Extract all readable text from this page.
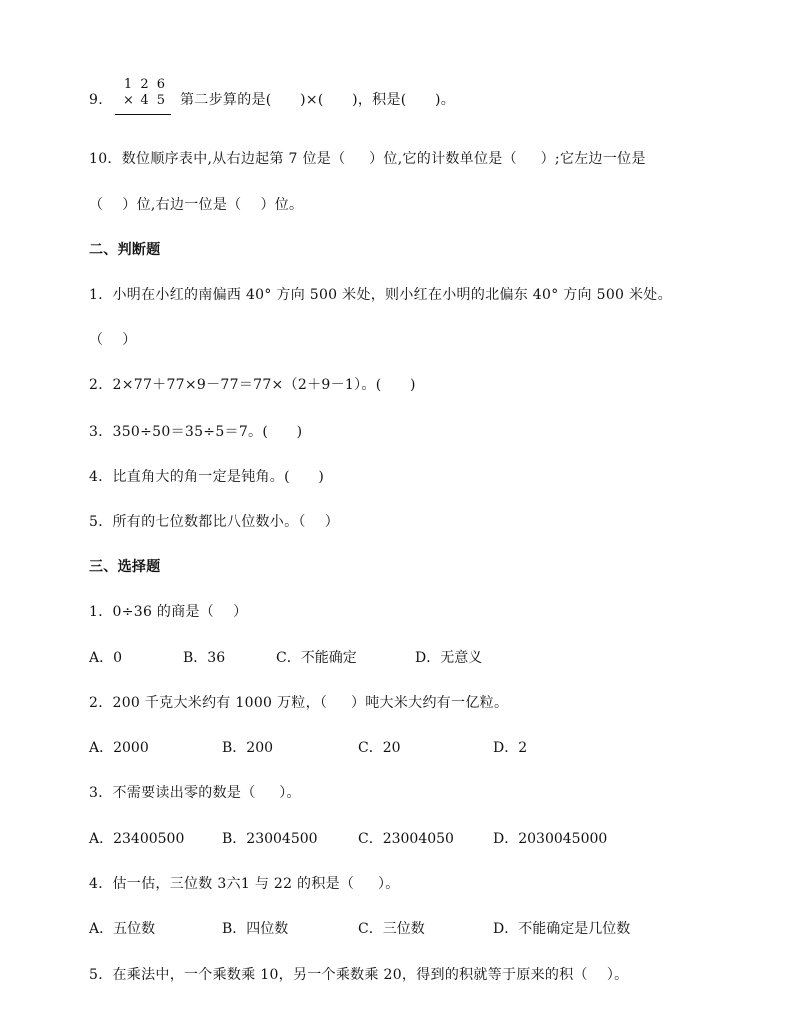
9.
1 2 6
4 5
×	第二步算的是(      )×(      )，积是(      )。
10．数位顺序表中,从右边起第 7 位是（     ）位,它的计数单位是（     ）;它左边一位是
（    ）位,右边一位是（    ）位。
二、判断题
1．小明在小红的南偏西 40° 方向 500 米处，则小红在小明的北偏东 40° 方向 500 米处。
（    ）
2．2×77＋77×9－77＝77×（2＋9－1）。(      )
3．350÷50＝35÷5＝7。(      )
4．比直角大的角一定是钝角。(      )
5．所有的七位数都比八位数小。（    ）
三、选择题
1．0÷36 的商是（    ）
A．0	B．36	C．不能确定	D．无意义
2．200 千克大米约有 1000 万粒，（     ）吨大米大约有一亿粒。
A．2000	B．200	C．20	D．2
3．不需要读出零的数是（     ）。
A．23400500	B．23004500	C．23004050	D．2030045000
4．估一估，三位数 3六1 与 22 的积是（     ）。
A．五位数	B．四位数	C．三位数	D．不能确定是几位数
5．在乘法中，一个乘数乘 10，另一个乘数乘 20，得到的积就等于原来的积（    ）。
